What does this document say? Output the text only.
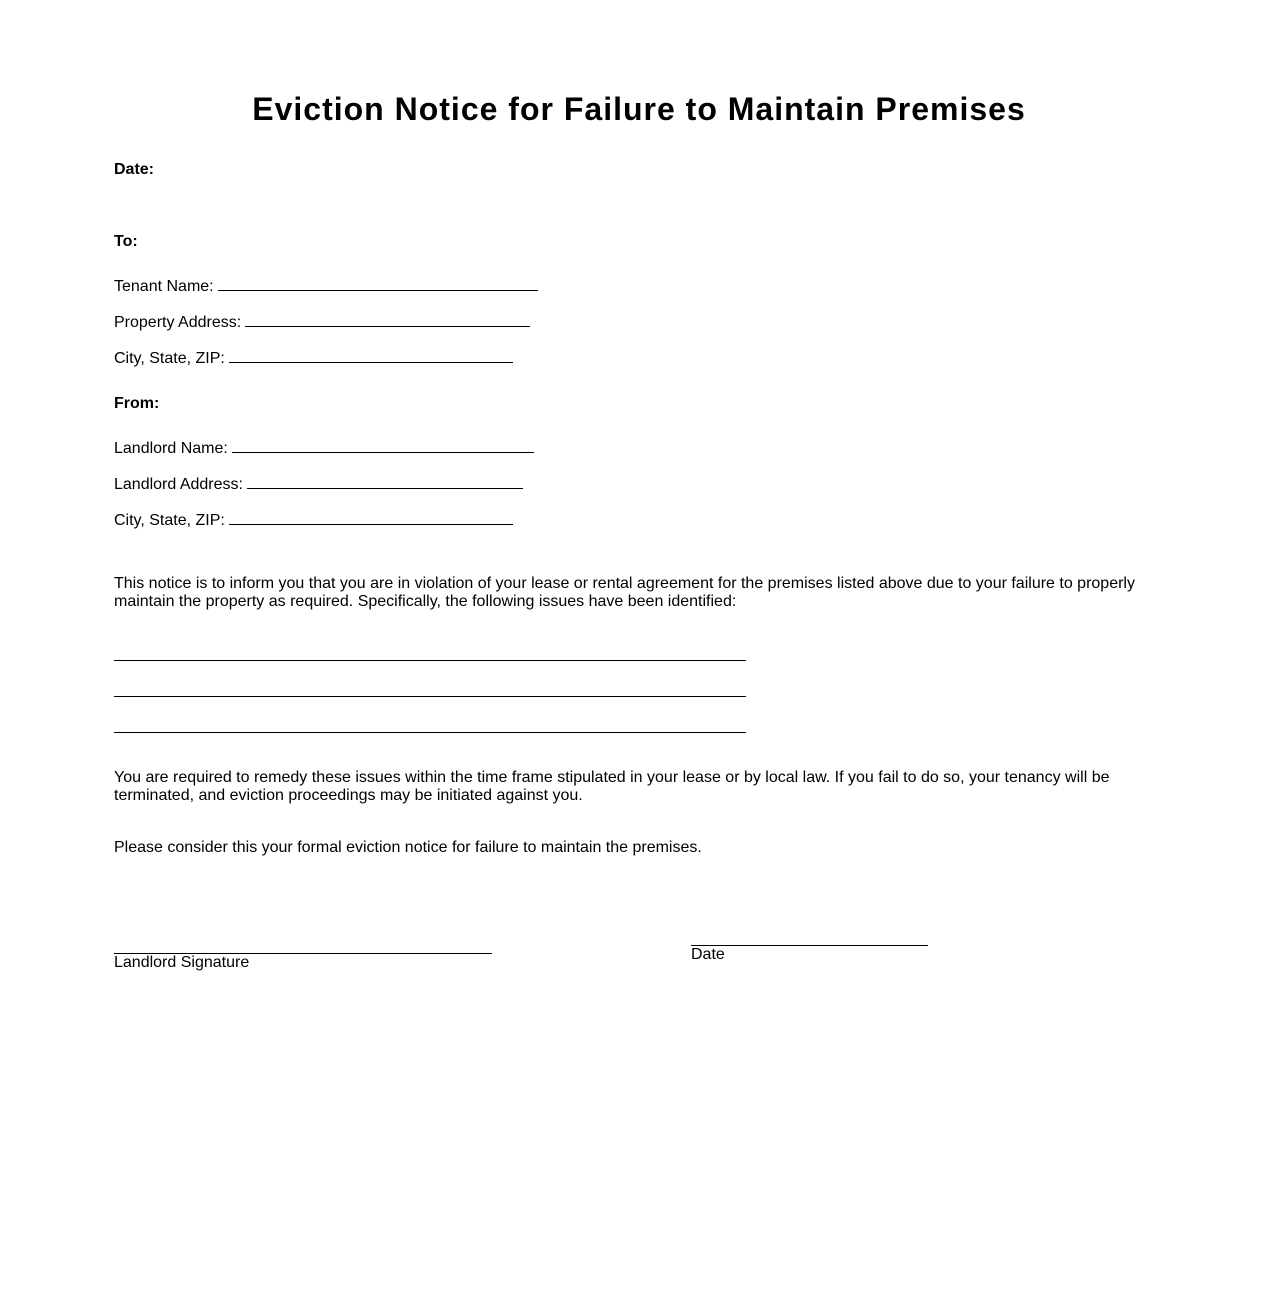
Eviction Notice for Failure to Maintain Premises
Date:
To:
Tenant Name:
Property Address:
City, State, ZIP:
From:
Landlord Name:
Landlord Address:
City, State, ZIP:
This notice is to inform you that you are in violation of your lease or rental agreement for the premises listed above due to your failure to properly maintain the property as required. Specifically, the following issues have been identified:
You are required to remedy these issues within the time frame stipulated in your lease or by local law. If you fail to do so, your tenancy will be terminated, and eviction proceedings may be initiated against you.
Please consider this your formal eviction notice for failure to maintain the premises.
Landlord Signature	Date
